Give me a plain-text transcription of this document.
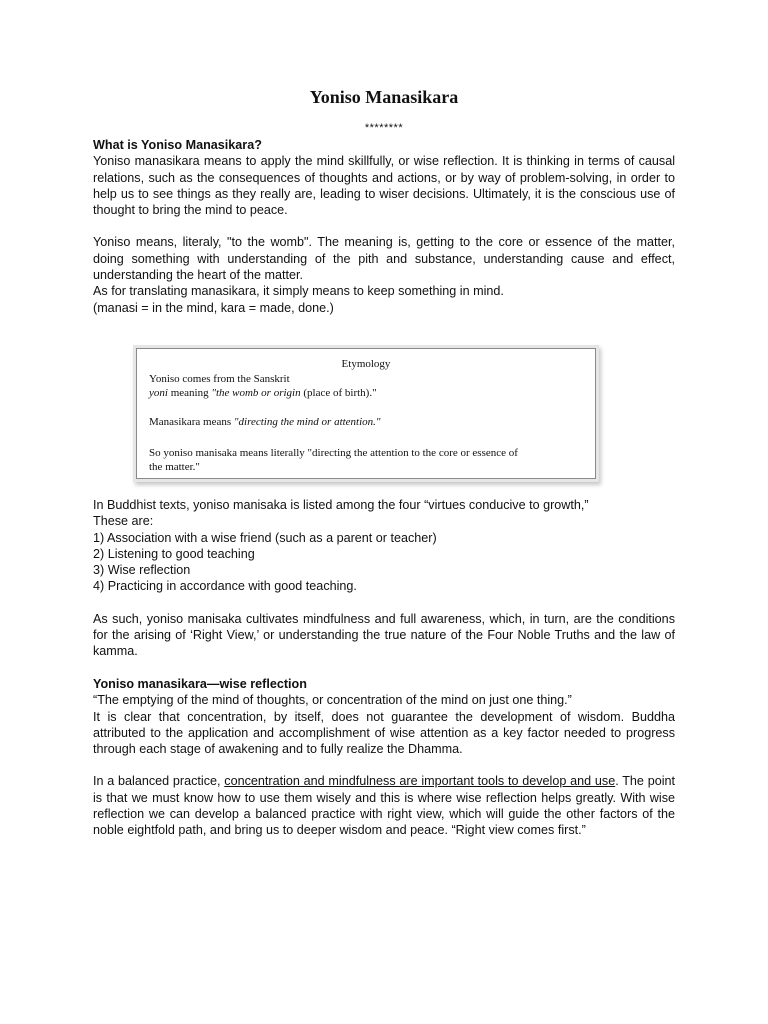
Yoniso Manasikara
********
What is Yoniso Manasikara?

Yoniso manasikara means to apply the mind skillfully, or wise reflection. It is thinking in terms of causal relations, such as the consequences of thoughts and actions, or by way of problem-solving, in order to help us to see things as they really are, leading to wiser decisions. Ultimately, it is the conscious use of thought to bring the mind to peace.

Yoniso means, literaly, "to the womb". The meaning is, getting to the core or essence of the matter, doing something with understanding of the pith and substance, understanding cause and effect, understanding the heart of the matter.

As for translating manasikara, it simply means to keep something in mind.

(manasi = in the mind, kara = made, done.)

Etymology
Yoniso comes from the Sanskrit
yoni meaning "the womb or origin (place of birth)."
Manasikara means "directing the mind or attention."
So yoniso manisaka means literally "directing the attention to the core or essence of
the matter."

In Buddhist texts, yoniso manisaka is listed among the four “virtues conducive to growth,”

These are:

1) Association with a wise friend (such as a parent or teacher)

2) Listening to good teaching

3) Wise reflection

4) Practicing in accordance with good teaching.

As such, yoniso manisaka cultivates mindfulness and full awareness, which, in turn, are the conditions for the arising of ‘Right View,’ or understanding the true nature of the Four Noble Truths and the law of kamma.

Yoniso manasikara—wise reflection

“The emptying of the mind of thoughts, or concentration of the mind on just one thing.”

It is clear that concentration, by itself, does not guarantee the development of wisdom. Buddha attributed to the application and accomplishment of wise attention as a key factor needed to progress through each stage of awakening and to fully realize the Dhamma.

In a balanced practice, concentration and mindfulness are important tools to develop and use. The point is that we must know how to use them wisely and this is where wise reflection helps greatly. With wise reflection we can develop a balanced practice with right view, which will guide the other factors of the noble eightfold path, and bring us to deeper wisdom and peace. “Right view comes first.”
